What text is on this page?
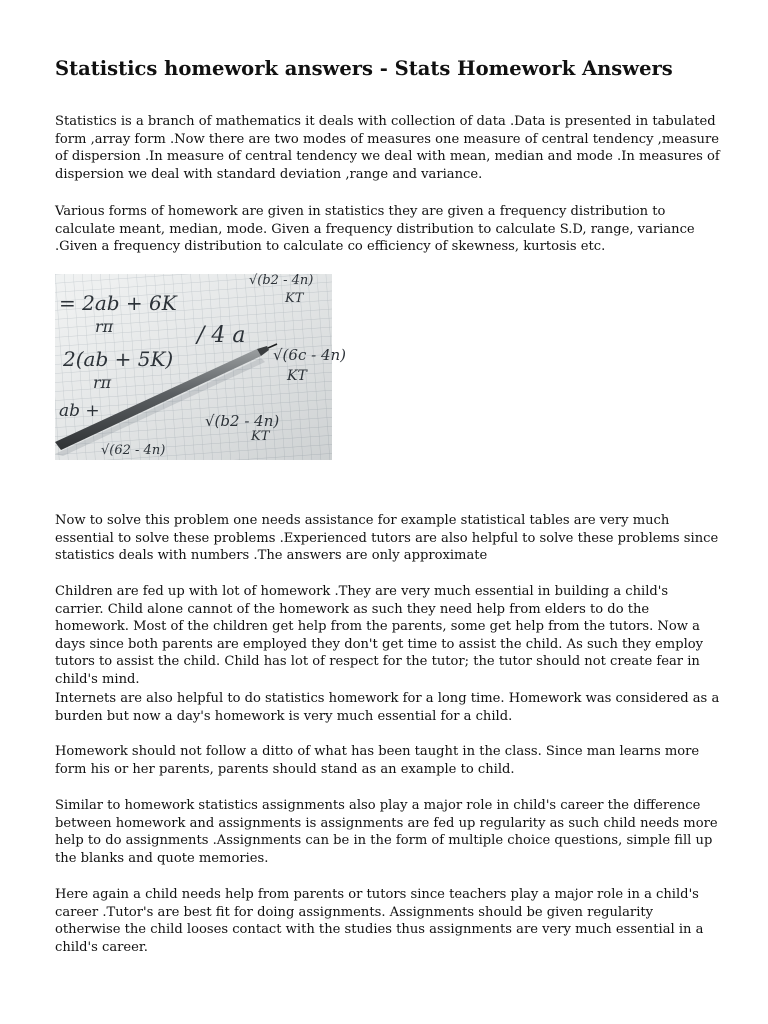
Statistics homework answers - Stats Homework Answers

Statistics is a branch of mathematics it deals with collection of data .Data is presented in tabulated form ,array form .Now there are two modes of measures one measure of central tendency ,measure of dispersion .In measure of central tendency we deal with mean, median and mode .In measures of dispersion we deal with standard deviation ,range and variance.

Various forms of homework are given in statistics they are given a frequency distribution to calculate meant, median, mode. Given a frequency distribution to calculate S.D, range, variance .Given a frequency distribution to calculate co efficiency of skewness, kurtosis etc.

= 2ab + 6K
rπ
2(ab + 5K)
rπ
ab +
/ 4 a
√(6c - 4n)
KT
√(b2 - 4n)
KT
√(62 - 4n)
KT
√(b2 - 4n)

Now to solve this problem one needs assistance for example statistical tables are very much essential to solve these problems .Experienced tutors are also helpful to solve these problems since statistics deals with numbers .The answers are only approximate

Children are fed up with lot of homework .They are very much essential in building a child's carrier. Child alone cannot of the homework as such they need help from elders to do the homework. Most of the children get help from the parents, some get help from the tutors. Now a days since both parents are employed they don't get time to assist the child. As such they employ tutors to assist the child. Child has lot of respect for the tutor; the tutor should not create fear in child's mind.

Internets are also helpful to do statistics homework for a long time. Homework was considered as a burden but now a day's homework is very much essential for a child.

Homework should not follow a ditto of what has been taught in the class. Since man learns more form his or her parents, parents should stand as an example to child.

Similar to homework statistics assignments also play a major role in child's career the difference between homework and assignments is assignments are fed up regularity as such child needs more help to do assignments .Assignments can be in the form of multiple choice questions, simple fill up the blanks and quote memories.

Here again a child needs help from parents or tutors since teachers play a major role in a child's career .Tutor's are best fit for doing assignments. Assignments should be given regularity otherwise the child looses contact with the studies thus assignments are very much essential in a child's career.
